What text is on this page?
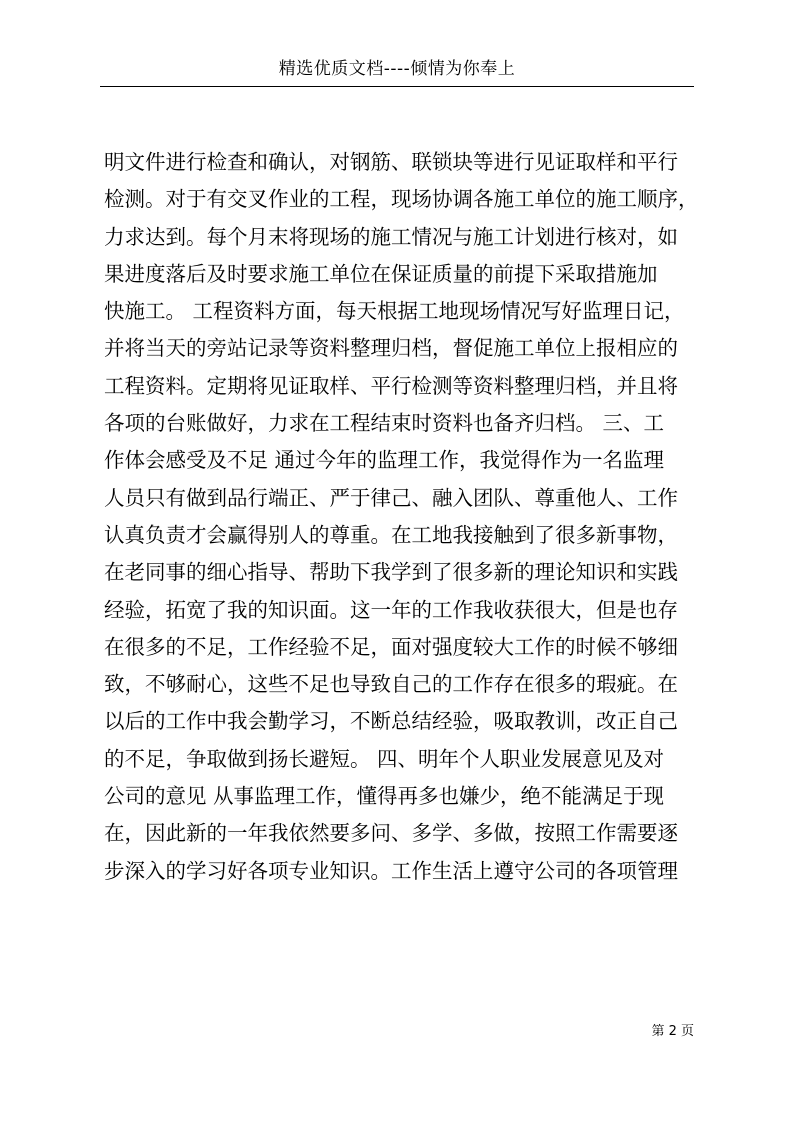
精选优质文档----倾情为你奉上
明文件进行检查和确认，对钢筋、联锁块等进行见证取样和平行
检测。对于有交叉作业的工程，现场协调各施工单位的施工顺序，
力求达到。每个月末将现场的施工情况与施工计划进行核对，如
果进度落后及时要求施工单位在保证质量的前提下采取措施加
快施工。 工程资料方面，每天根据工地现场情况写好监理日记，
并将当天的旁站记录等资料整理归档，督促施工单位上报相应的
工程资料。定期将见证取样、平行检测等资料整理归档，并且将
各项的台账做好，力求在工程结束时资料也备齐归档。 三、工
作体会感受及不足 通过今年的监理工作，我觉得作为一名监理
人员只有做到品行端正、严于律己、融入团队、尊重他人、工作
认真负责才会赢得别人的尊重。在工地我接触到了很多新事物，
在老同事的细心指导、帮助下我学到了很多新的理论知识和实践
经验，拓宽了我的知识面。这一年的工作我收获很大，但是也存
在很多的不足，工作经验不足，面对强度较大工作的时候不够细
致，不够耐心，这些不足也导致自己的工作存在很多的瑕疵。在
以后的工作中我会勤学习，不断总结经验，吸取教训，改正自己
的不足，争取做到扬长避短。 四、明年个人职业发展意见及对
公司的意见 从事监理工作，懂得再多也嫌少，绝不能满足于现
在，因此新的一年我依然要多问、多学、多做，按照工作需要逐
步深入的学习好各项专业知识。工作生活上遵守公司的各项管理
第 2 页
